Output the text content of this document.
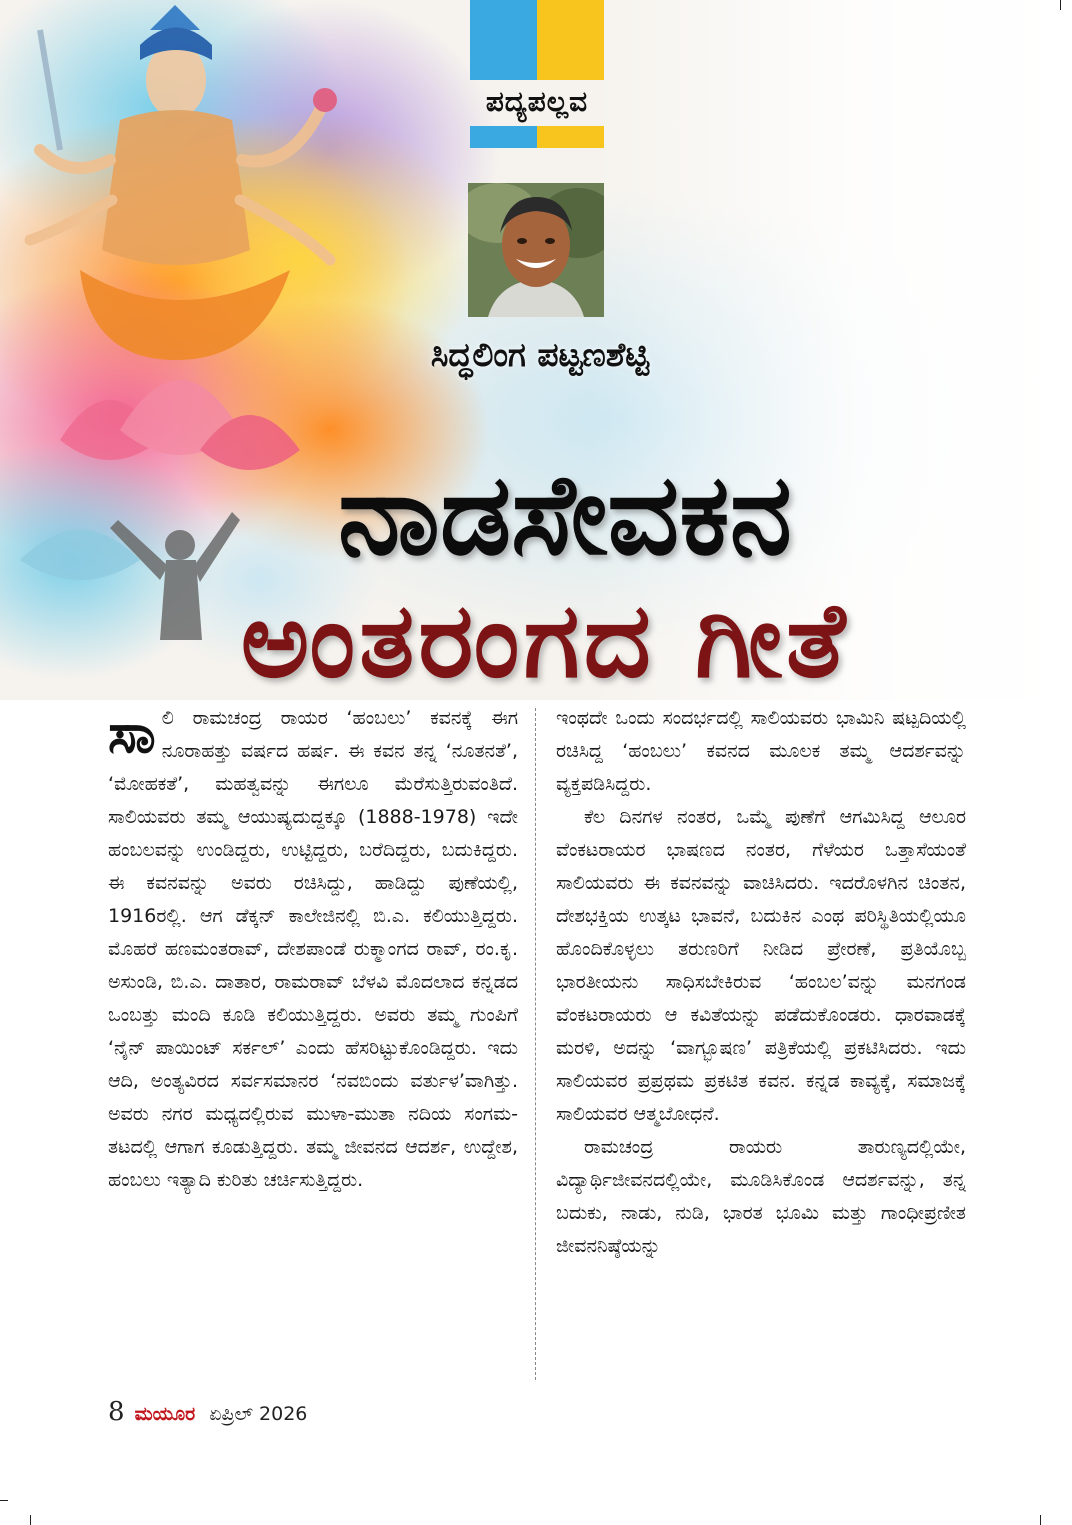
ಪದ್ಯಪಲ್ಲವ
ಸಿದ್ಧಲಿಂಗ ಪಟ್ಟಣಶೆಟ್ಟಿ
ನಾಡಸೇವಕನ
ಅಂತರಂಗದ ಗೀತೆ
ಸಾ ಲಿ ರಾಮಚಂದ್ರ ರಾಯರ ‘ಹಂಬಲು’ ಕವನಕ್ಕೆ ಈಗ ನೂರಾಹತ್ತು ವರ್ಷದ ಹರ್ಷ. ಈ ಕವನ ತನ್ನ ‘ನೂತನತೆ’, ‘ಮೋಹಕತೆ’, ಮಹತ್ವವನ್ನು ಈಗಲೂ ಮೆರೆಸುತ್ತಿರುವಂತಿದೆ. ಸಾಲಿಯವರು ತಮ್ಮ ಆಯುಷ್ಯದುದ್ದಕ್ಕೂ (1888-1978) ಇದೇ ಹಂಬಲವನ್ನು ಉಂಡಿದ್ದರು, ಉಟ್ಟಿದ್ದರು, ಬರೆದಿದ್ದರು, ಬದುಕಿದ್ದರು. ಈ ಕವನವನ್ನು ಅವರು ರಚಿಸಿದ್ದು, ಹಾಡಿದ್ದು ಪುಣೆಯಲ್ಲಿ, 1916ರಲ್ಲಿ. ಆಗ ಡೆಕ್ಕನ್ ಕಾಲೇಜಿನಲ್ಲಿ ಬಿ.ಎ. ಕಲಿಯುತ್ತಿದ್ದರು. ಮೊಹರೆ ಹಣಮಂತರಾವ್, ದೇಶಪಾಂಡೆ ರುಕ್ಮಾಂಗದ ರಾವ್, ರಂ.ಕೃ. ಅಸುಂಡಿ, ಬಿ.ಎ. ದಾತಾರ, ರಾಮರಾವ್ ಬೆಳವಿ ಮೊದಲಾದ ಕನ್ನಡದ ಒಂಬತ್ತು ಮಂದಿ ಕೂಡಿ ಕಲಿಯುತ್ತಿದ್ದರು. ಅವರು ತಮ್ಮ ಗುಂಪಿಗೆ ‘ನೈನ್ ಪಾಯಿಂಟ್ ಸರ್ಕಲ್’ ಎಂದು ಹೆಸರಿಟ್ಟುಕೊಂಡಿದ್ದರು. ಇದು ಆದಿ, ಅಂತ್ಯವಿರದ ಸರ್ವಸಮಾನರ ‘ನವಬಿಂದು ವರ್ತುಳ’ವಾಗಿತ್ತು. ಅವರು ನಗರ ಮಧ್ಯದಲ್ಲಿರುವ ಮುಳಾ-ಮುತಾ ನದಿಯ ಸಂಗಮ-ತಟದಲ್ಲಿ ಆಗಾಗ ಕೂಡುತ್ತಿದ್ದರು. ತಮ್ಮ ಜೀವನದ ಆದರ್ಶ, ಉದ್ದೇಶ, ಹಂಬಲು ಇತ್ಯಾದಿ ಕುರಿತು ಚರ್ಚಿಸುತ್ತಿದ್ದರು.

ಇಂಥದೇ ಒಂದು ಸಂದರ್ಭದಲ್ಲಿ ಸಾಲಿಯವರು ಭಾಮಿನಿ ಷಟ್ಪದಿಯಲ್ಲಿ ರಚಿಸಿದ್ದ ‘ಹಂಬಲು’ ಕವನದ ಮೂಲಕ ತಮ್ಮ ಆದರ್ಶವನ್ನು ವ್ಯಕ್ತಪಡಿಸಿದ್ದರು.

ಕೆಲ ದಿನಗಳ ನಂತರ, ಒಮ್ಮೆ ಪುಣೆಗೆ ಆಗಮಿಸಿದ್ದ ಆಲೂರ ವೆಂಕಟರಾಯರ ಭಾಷಣದ ನಂತರ, ಗೆಳೆಯರ ಒತ್ತಾಸೆಯಂತೆ ಸಾಲಿಯವರು ಈ ಕವನವನ್ನು ವಾಚಿಸಿದರು. ಇದರೊಳಗಿನ ಚಿಂತನ, ದೇಶಭಕ್ತಿಯ ಉತ್ಕಟ ಭಾವನೆ, ಬದುಕಿನ ಎಂಥ ಪರಿಸ್ಥಿತಿಯಲ್ಲಿಯೂ ಹೊಂದಿಕೊಳ್ಳಲು ತರುಣರಿಗೆ ನೀಡಿದ ಪ್ರೇರಣೆ, ಪ್ರತಿಯೊಬ್ಬ ಭಾರತೀಯನು ಸಾಧಿಸಬೇಕಿರುವ ‘ಹಂಬಲ’ವನ್ನು ಮನಗಂಡ ವೆಂಕಟರಾಯರು ಆ ಕವಿತೆಯನ್ನು ಪಡೆದುಕೊಂಡರು. ಧಾರವಾಡಕ್ಕೆ ಮರಳಿ, ಅದನ್ನು ‘ವಾಗ್ಭೂಷಣ’ ಪತ್ರಿಕೆಯಲ್ಲಿ ಪ್ರಕಟಿಸಿದರು. ಇದು ಸಾಲಿಯವರ ಪ್ರಪ್ರಥಮ ಪ್ರಕಟಿತ ಕವನ. ಕನ್ನಡ ಕಾವ್ಯಕ್ಕೆ, ಸಮಾಜಕ್ಕೆ ಸಾಲಿಯವರ ಆತ್ಮಬೋಧನೆ.

ರಾಮಚಂದ್ರ ರಾಯರು ತಾರುಣ್ಯದಲ್ಲಿಯೇ, ವಿದ್ಯಾರ್ಥಿಜೀವನದಲ್ಲಿಯೇ, ಮೂಡಿಸಿಕೊಂಡ ಆದರ್ಶವನ್ನು, ತನ್ನ ಬದುಕು, ನಾಡು, ನುಡಿ, ಭಾರತ ಭೂಮಿ ಮತ್ತು ಗಾಂಧೀಪ್ರಣೀತ ಜೀವನನಿಷ್ಠೆಯನ್ನು

8 ಮಯೂರ ಏಪ್ರಿಲ್ 2026
